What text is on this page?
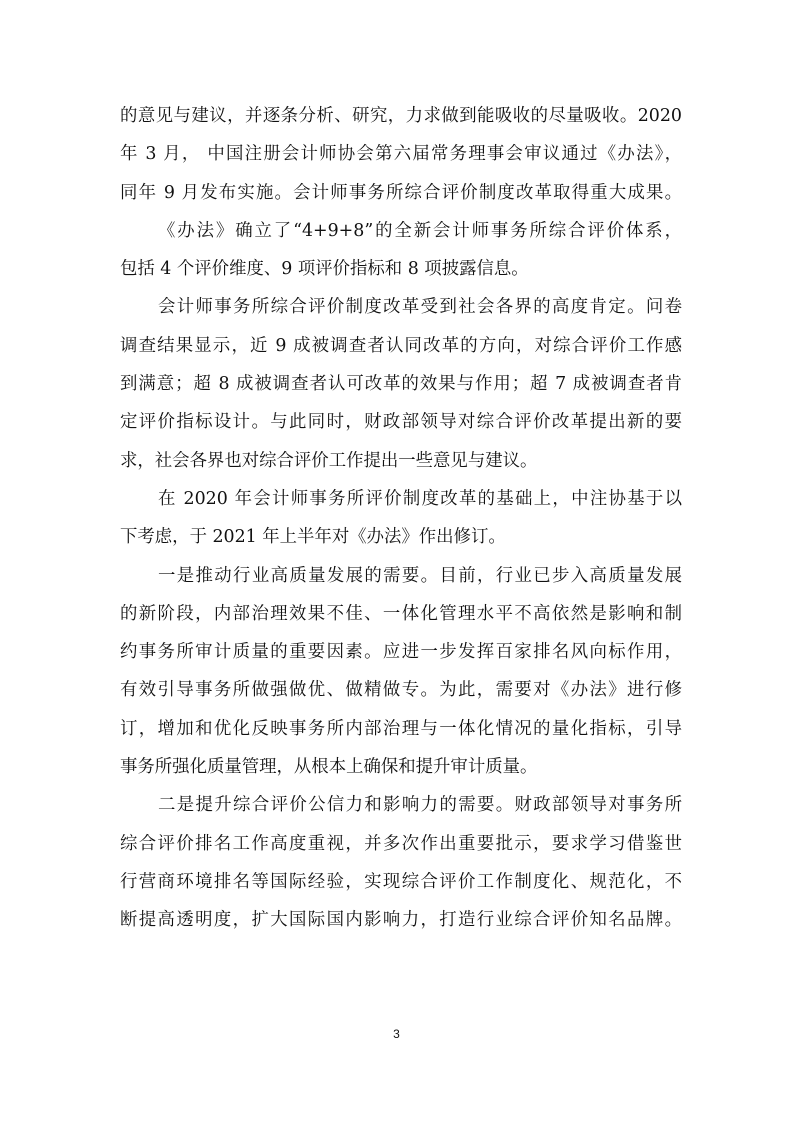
的意见与建议，并逐条分析、研究，力求做到能吸收的尽量吸收。2020
年 3 月， 中国注册会计师协会第六届常务理事会审议通过《办法》，
同年 9 月发布实施。会计师事务所综合评价制度改革取得重大成果。
《办法》确立了“4+9+8”的全新会计师事务所综合评价体系，
包括 4 个评价维度、9 项评价指标和 8 项披露信息。
会计师事务所综合评价制度改革受到社会各界的高度肯定。问卷
调查结果显示，近 9 成被调查者认同改革的方向，对综合评价工作感
到满意；超 8 成被调查者认可改革的效果与作用；超 7 成被调查者肯
定评价指标设计。与此同时，财政部领导对综合评价改革提出新的要
求，社会各界也对综合评价工作提出一些意见与建议。
在 2020 年会计师事务所评价制度改革的基础上，中注协基于以
下考虑，于 2021 年上半年对《办法》作出修订。
一是推动行业高质量发展的需要。目前，行业已步入高质量发展
的新阶段，内部治理效果不佳、一体化管理水平不高依然是影响和制
约事务所审计质量的重要因素。应进一步发挥百家排名风向标作用，
有效引导事务所做强做优、做精做专。为此，需要对《办法》进行修
订，增加和优化反映事务所内部治理与一体化情况的量化指标，引导
事务所强化质量管理，从根本上确保和提升审计质量。
二是提升综合评价公信力和影响力的需要。财政部领导对事务所
综合评价排名工作高度重视，并多次作出重要批示，要求学习借鉴世
行营商环境排名等国际经验，实现综合评价工作制度化、规范化，不
断提高透明度，扩大国际国内影响力，打造行业综合评价知名品牌。
3
